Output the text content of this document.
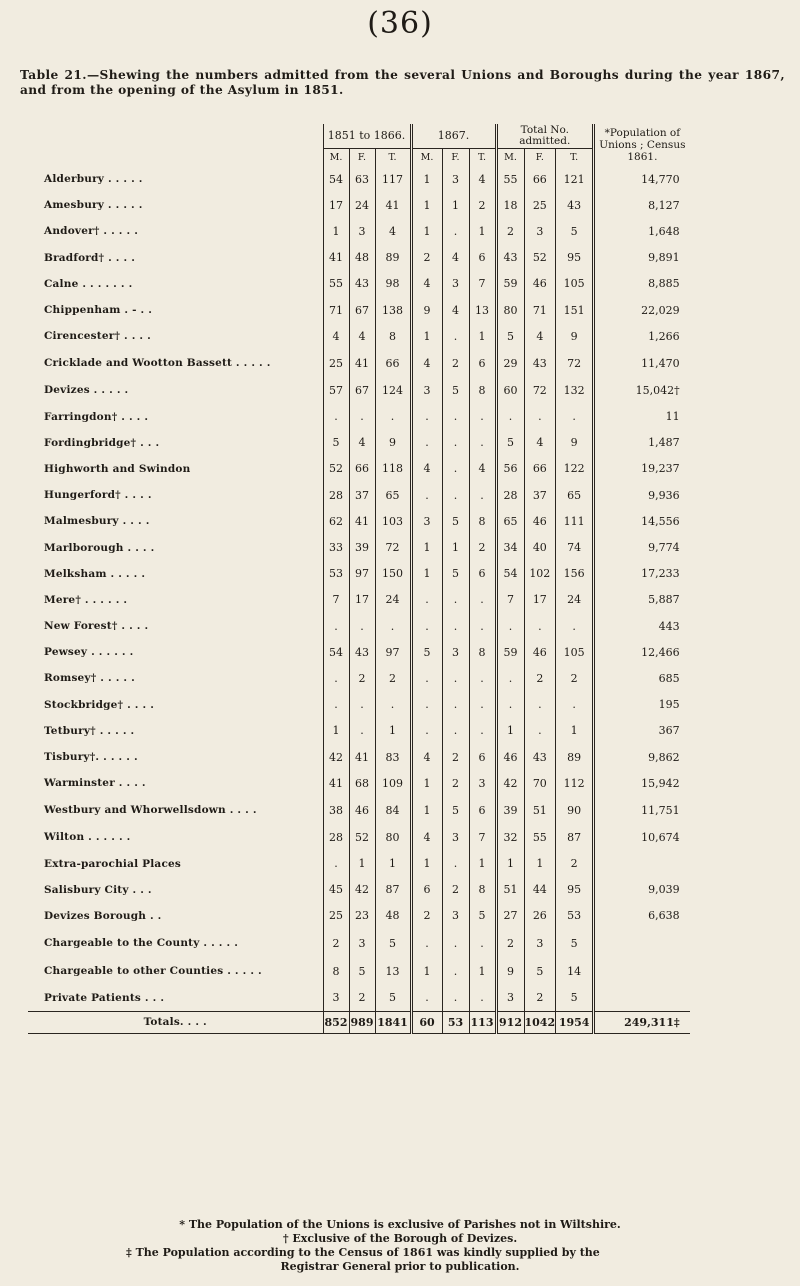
(36)
Table 21.—Shewing the numbers admitted from the several Unions and Boroughs during the year 1867, and from the opening of the Asylum in 1851.
	1851 to 1866.			1867.			Total No. admitted.			*Population of Unions ; Census 1861.
	M.	F.	T.	M.	F.	T.	M.	F.	T.	
Alderbury . . . . .	54	63	117	1	3	4	55	66	121	14,770
Amesbury . . . . .	17	24	41	1	1	2	18	25	43	8,127
Andover† . . . . .	1	3	4	1	.	1	2	3	5	1,648
Bradford† . . . .	41	48	89	2	4	6	43	52	95	9,891
Calne . . . . . . .	55	43	98	4	3	7	59	46	105	8,885
Chippenham . - . .	71	67	138	9	4	13	80	71	151	22,029
Cirencester† . . . .	4	4	8	1	.	1	5	4	9	1,266
Cricklade and Wootton Bassett . . . . .	25	41	66	4	2	6	29	43	72	11,470
Devizes . . . . .	57	67	124	3	5	8	60	72	132	15,042†
Farringdon† . . . .	.	.	.	.	.	.	.	.	.	11
Fordingbridge† . . .	5	4	9	.	.	.	5	4	9	1,487
Highworth and Swindon	52	66	118	4	.	4	56	66	122	19,237
Hungerford† . . . .	28	37	65	.	.	.	28	37	65	9,936
Malmesbury . . . .	62	41	103	3	5	8	65	46	111	14,556
Marlborough . . . .	33	39	72	1	1	2	34	40	74	9,774
Melksham . . . . .	53	97	150	1	5	6	54	102	156	17,233
Mere† . . . . . .	7	17	24	.	.	.	7	17	24	5,887
New Forest† . . . .	.	.	.	.	.	.	.	.	.	443
Pewsey . . . . . .	54	43	97	5	3	8	59	46	105	12,466
Romsey† . . . . .	.	2	2	.	.	.	.	2	2	685
Stockbridge† . . . .	.	.	.	.	.	.	.	.	.	195
Tetbury† . . . . .	1	.	1	.	.	.	1	.	1	367
Tisbury†. . . . . .	42	41	83	4	2	6	46	43	89	9,862
Warminster . . . .	41	68	109	1	2	3	42	70	112	15,942
Westbury and Whorwellsdown . . . .	38	46	84	1	5	6	39	51	90	11,751
Wilton . . . . . .	28	52	80	4	3	7	32	55	87	10,674
Extra-parochial Places	.	1	1	1	.	1	1	1	2	
Salisbury City . . .	45	42	87	6	2	8	51	44	95	9,039
Devizes Borough . .	25	23	48	2	3	5	27	26	53	6,638
Chargeable to the County . . . . .	2	3	5	.	.	.	2	3	5	
Chargeable to other Counties . . . . .	8	5	13	1	.	1	9	5	14	
Private Patients . . .	3	2	5	.	.	.	3	2	5	
Totals. . . .	852	989	1841	60	53	113	912	1042	1954	249,311‡

* The Population of the Unions is exclusive of Parishes not in Wiltshire.

† Exclusive of the Borough of Devizes.

‡ The Population according to the Census of 1861 was kindly supplied by the

Registrar General prior to publication.
